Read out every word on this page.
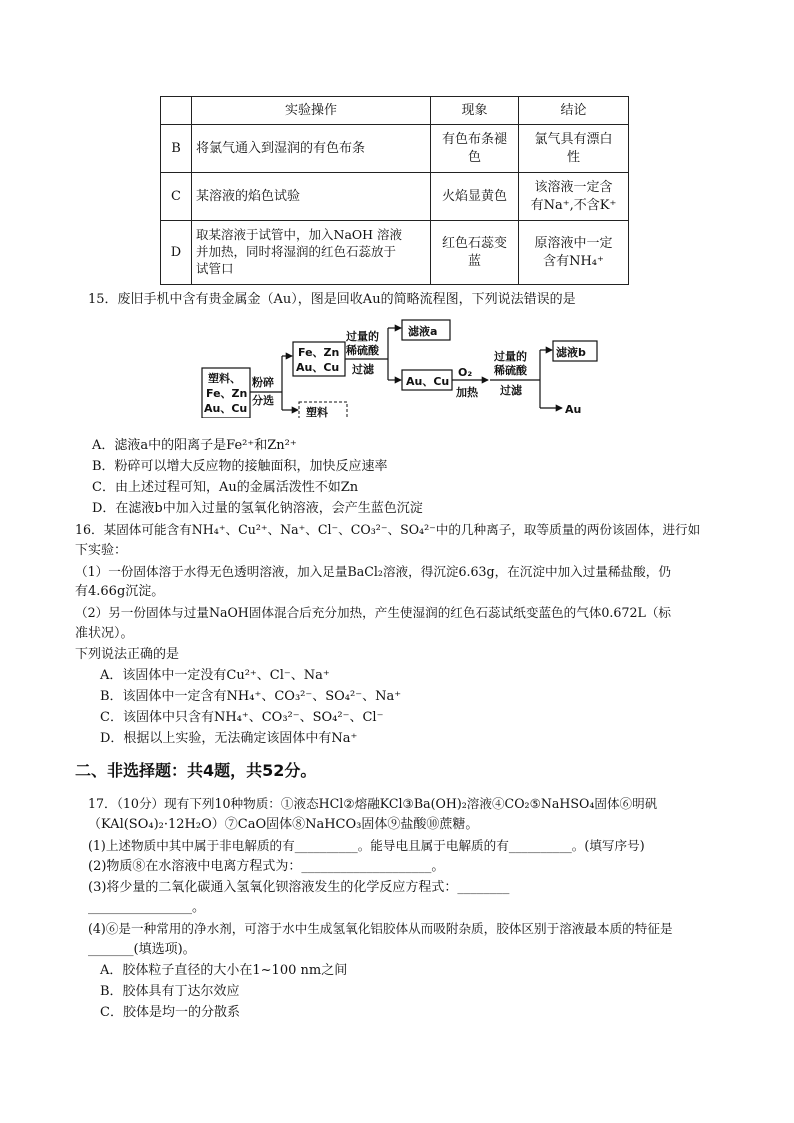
	实验操作	现象	结论
B	将氯气通入到湿润的有色布条	有色布条褪
色	氯气具有漂白
性
C	某溶液的焰色试验	火焰显黄色	该溶液一定含
有Na⁺,不含K⁺
D	取某溶液于试管中，加入NaOH 溶液
并加热，同时将湿润的红色石蕊放于
试管口	红色石蕊变
蓝	原溶液中一定
含有NH₄⁺
15．废旧手机中含有贵金属金（Au），图是回收Au的简略流程图，下列说法错误的是
塑料、
Fe、Zn
Au、Cu
粉碎
分选
Fe、Zn
Au、Cu
塑料
过量的
稀硫酸
过滤
滤液a
Au、Cu
O₂
加热
过量的
稀硫酸
过滤
滤液b
Au
A．滤液a中的阳离子是Fe²⁺和Zn²⁺
B．粉碎可以增大反应物的接触面积，加快反应速率
C．由上述过程可知，Au的金属活泼性不如Zn
D．在滤液b中加入过量的氢氧化钠溶液，会产生蓝色沉淀
16．某固体可能含有NH₄⁺、Cu²⁺、Na⁺、Cl⁻、CO₃²⁻、SO₄²⁻中的几种离子，取等质量的两份该固体，进行如
下实验：
（1）一份固体溶于水得无色透明溶液，加入足量BaCl₂溶液，得沉淀6.63g，在沉淀中加入过量稀盐酸，仍
有4.66g沉淀。
（2）另一份固体与过量NaOH固体混合后充分加热，产生使湿润的红色石蕊试纸变蓝色的气体0.672L（标
准状况）。
下列说法正确的是
A．该固体中一定没有Cu²⁺、Cl⁻、Na⁺
B．该固体中一定含有NH₄⁺、CO₃²⁻、SO₄²⁻、Na⁺
C．该固体中只含有NH₄⁺、CO₃²⁻、SO₄²⁻、Cl⁻
D．根据以上实验，无法确定该固体中有Na⁺
二、非选择题：共4题，共52分。
17．（10分）现有下列10种物质：①液态HCl②熔融KCl③Ba(OH)₂溶液④CO₂⑤NaHSO₄固体⑥明矾
（KAl(SO₄)₂·12H₂O）⑦CaO固体⑧NaHCO₃固体⑨盐酸⑩蔗糖。
(1)上述物质中其中属于非电解质的有__________。能导电且属于电解质的有__________。(填写序号)
(2)物质⑧在水溶液中电离方程式为：____________________。
(3)将少量的二氧化碳通入氢氧化钡溶液发生的化学反应方程式：________
________________。
(4)⑥是一种常用的净水剂，可溶于水中生成氢氧化铝胶体从而吸附杂质，胶体区别于溶液最本质的特征是
_______(填选项)。
A．胶体粒子直径的大小在1~100 nm之间
B．胶体具有丁达尔效应
C．胶体是均一的分散系
